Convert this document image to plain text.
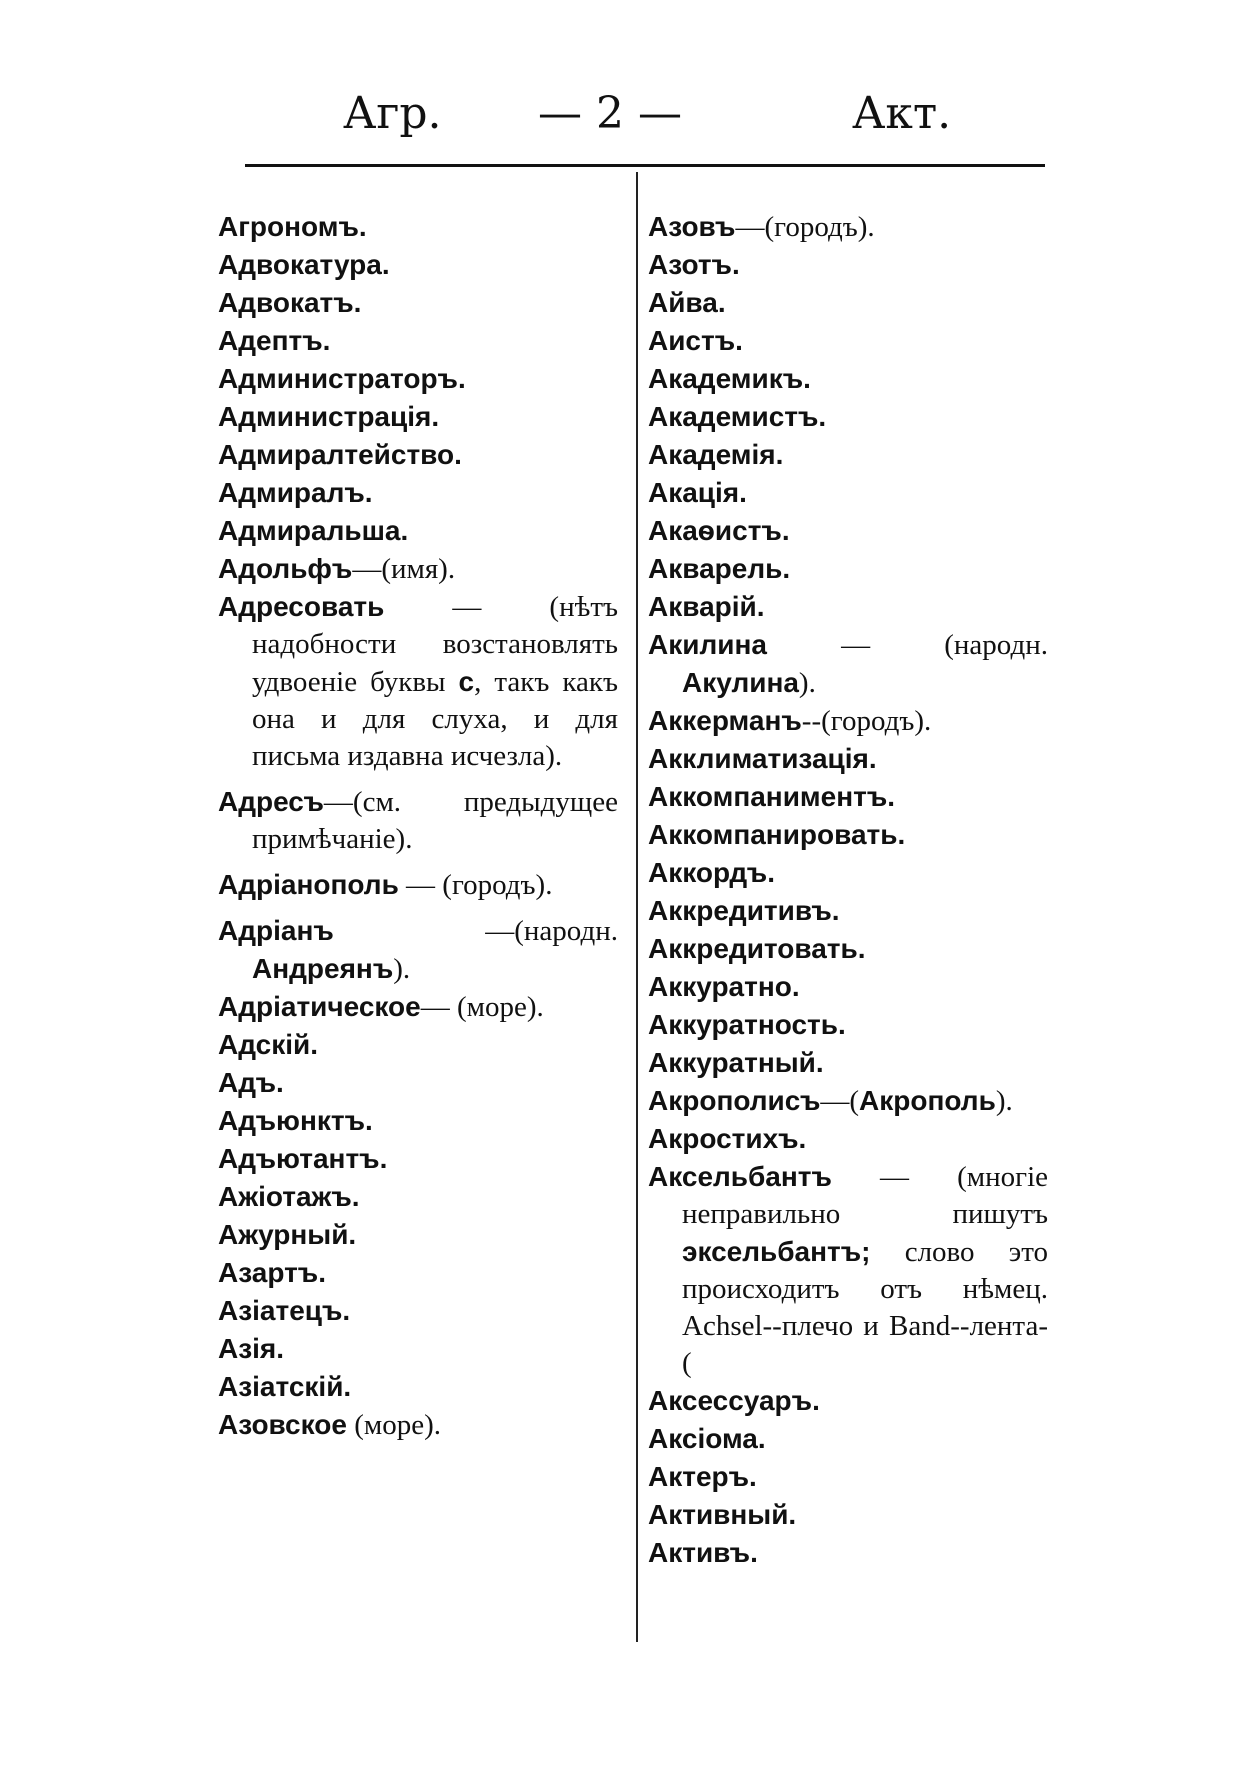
Агр. — 2 —	Акт.

Агрономъ.

Адвокатура.

Адвокатъ.

Адептъ.

Администраторъ.

Администрація.

Адмиралтейство.

Адмиралъ.

Адмиральша.

Адольфъ—(имя).

Адресовать — (нѣтъ надобности возстановлять удвоеніе буквы с, такъ какъ она и для слуха, и для письма издавна исчезла).

Адресъ—(см. предыдущее примѣчаніе).

Адріанополь — (городъ).

Адріанъ —(народн. Андреянъ).

Адріатическое— (море).

Адскій.

Адъ.

Адъюнктъ.

Адъютантъ.

Ажіотажъ.

Ажурный.

Азартъ.

Азіатецъ.

Азія.

Азіатскій.

Азовское (море).

Азовъ—(городъ).

Азотъ.

Айва.

Аистъ.

Академикъ.

Академистъ.

Академія.

Акація.

Акаѳистъ.

Акварель.

Акварій.

Акилина — (народн. Акулина).

Аккерманъ--(городъ).

Акклиматизація.

Аккомпаниментъ.

Аккомпанировать.

Аккордъ.

Аккредитивъ.

Аккредитовать.

Аккуратно.

Аккуратность.

Аккуратный.

Акрополисъ—(Акрополь).

Акростихъ.

Аксельбантъ — (многіе неправильно пишутъ эксельбантъ; слово это происходитъ отъ нѣмец. Achsel--плечо и Band--лента-(

Аксессуаръ.

Аксіома.

Актеръ.

Активный.

Активъ.
